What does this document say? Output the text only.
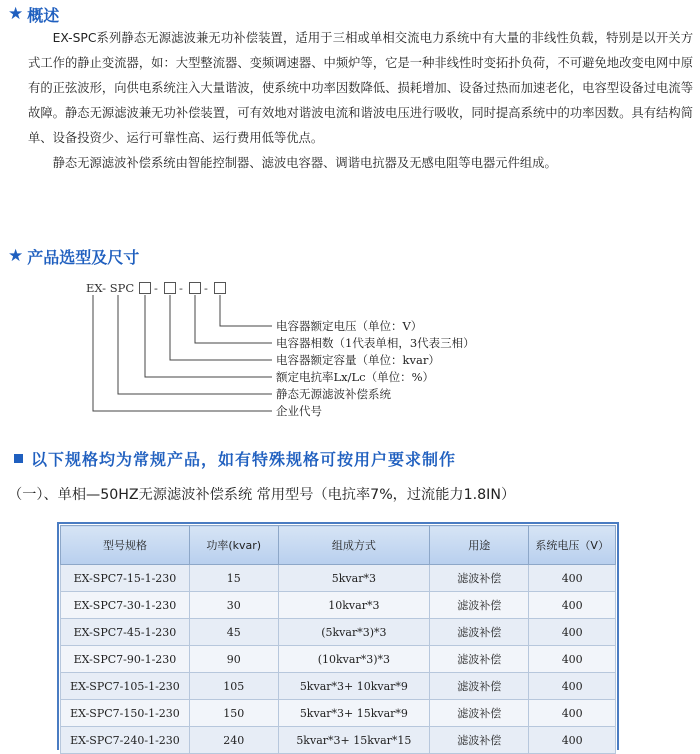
★ 概述

EX-SPC系列静态无源滤波兼无功补偿装置，适用于三相或单相交流电力系统中有大量的非线性负载，特别是以开关方式工作的静止变流器，如：大型整流器、变频调速器、中频炉等，它是一种非线性时变拓扑负荷，不可避免地改变电网中原有的正弦波形，向供电系统注入大量谐波，使系统中功率因数降低、损耗增加、设备过热而加速老化，电容型设备过电流等故障。静态无源滤波兼无功补偿装置，可有效地对谐波电流和谐波电压进行吸收，同时提高系统中的功率因数。具有结构简单、设备投资少、运行可靠性高、运行费用低等优点。

静态无源滤波补偿系统由智能控制器、滤波电容器、调谐电抗器及无感电阻等电器元件组成。

★ 产品选型及尺寸
EX- SPC - - -
电容器额定电压（单位：V）
电容器相数（1代表单相，3代表三相）
电容器额定容量（单位：kvar）
额定电抗率Lx/Lc（单位：%）
静态无源滤波补偿系统
企业代号
以下规格均为常规产品，如有特殊规格可按用户要求制作
（一）、单相—50HZ无源滤波补偿系统 常用型号（电抗率7%，过流能力1.8IN）
型号规格	功率(kvar)	组成方式	用途	系统电压（V）
EX-SPC7-15-1-230	15	5kvar*3	滤波补偿	400
EX-SPC7-30-1-230	30	10kvar*3	滤波补偿	400
EX-SPC7-45-1-230	45	(5kvar*3)*3	滤波补偿	400
EX-SPC7-90-1-230	90	(10kvar*3)*3	滤波补偿	400
EX-SPC7-105-1-230	105	5kvar*3+ 10kvar*9	滤波补偿	400
EX-SPC7-150-1-230	150	5kvar*3+ 15kvar*9	滤波补偿	400
EX-SPC7-240-1-230	240	5kvar*3+ 15kvar*15	滤波补偿	400
